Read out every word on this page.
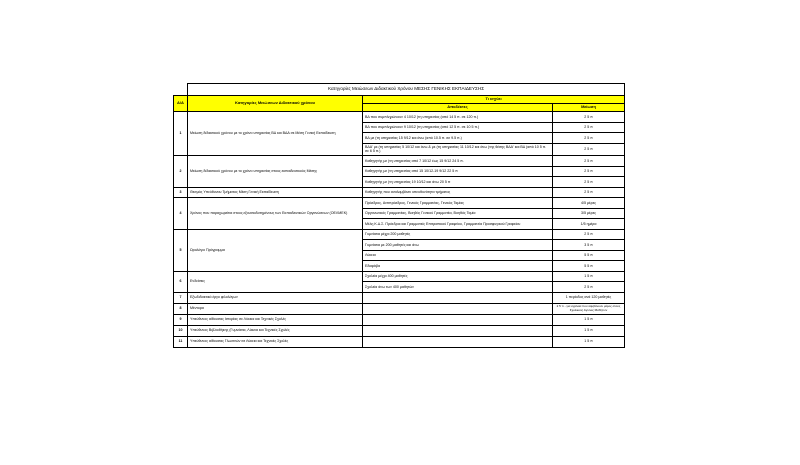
	Κατηγορίες Μειώσεων Διδακτικού Χρόνου ΜΕΣΗΣ ΓΕΝΙΚΗΣ ΕΚΠΑΙΔΕΥΣΗΣ		
Α/Α	Κατηγορίες Μειώσεων Διδακτικού χρόνου	Τι ισχύει	
		Αποδέκτες	Μείωση
1	Μείωση διδακτικού χρόνου με το χρόνο υπηρεσίας ΒΔ και ΒΔΑ σε Μέση Γενική Εκπαίδευση	ΒΔ που συμπληρώνουν 4 10/12 (τη υπηρεσίας (από 14 5 π. σε 120 π.)	2 5 π
		ΒΔ που συμπληρώνουν 9 10/12 (τη υπηρεσίας (από 12 5 π. σε 10 5 π.)	2 5 π
		ΒΔ με (τη υπηρεσίας 15 9/12 και άνω (από 10.5 π. σε 9.5 π.)	2 5 π
		ΒΔΑ' με (τη υπηρεσίας 5 10/12 και άνω & με (τη υπηρεσίας 11 10/12 και άνω (της θέσης ΒΔΑ' και ΒΔ (από 10 5 π. σε 6 5 π.)	2 5 π
2	Μείωση διδακτικού χρόνου με το χρόνο υπηρεσίας στους εκπαιδευτικούς Μέσης	Καθηγητής με (τη υπηρεσίας από 7 10/12 έως 15 9/12 24 5 π.	2 5 π
		Καθηγητής με (τη υπηρεσίας από 15 10/12-19 9/12 22 5 π	2 5 π
		Καθηγητής με (τη υπηρεσίας 19 10/12 και άνω 20 5 π	2 5 π
3	Θεσμός Υπεύθυνου Τμήματος Μέση Γενική Εκπαίδευση	Καθηγητής που αναλαμβάνει υπευθυνότητα τμήματος	2 5 π
4	Χρόνος που παραχωρείται στους εξουσιοδοτημένους των Εκπαιδευτικών Οργανώσεων (ΟΕΛΜΕΚ)	Πρόεδρος, Αντιπρόεδρος, Γενικός Γραμματέας, Γενικός Ταμίας	4/5 μέρες
		Οργανωτικός Γραμματέας, Βοηθός Γενικού Γραμματέα, Βοηθός Ταμία	3/5 μέρες
		Μέλη Κ.Δ.Σ. Πρόεδροι και Γραμματείς Επιτροπικού Γραφείου, Γραμματεία Προσφυγικού Γραφείου	1/5 ημέρα
5	Ωρολόγιο Πρόγραμμα	Γυμνάσια μέχρι 200 μαθητές	2 5 π
		Γυμνάσια με 200 μαθητές και άνω	3 5 π
		Λύκεια	5 5 π
		Εδαφάβα	5 5 π
6	Ενδείσεις	Σχολεία μέχρι 400 μαθητές	1 5 π
		Σχολεία άνω των 400 μαθητών	2 5 π
7	Εξωδιδακτικό έργο φιλολόγων		1 περίοδος ανά 120 μαθητές
8	Μέντορα		2 5 π - για σχολεία που λαμβάνουν μέρος στους Σχολικούς Αγώνες Μαθητών
9	Υπεύθυνος αίθουσας Ιστορίας σε Λύκεια και Τεχνικές Σχολές		1 5 π
10	Υπεύθυνος Βιβλιοθήκης (Γυμνάσια, Λύκεια και Τεχνικές Σχολές		1 5 π
11	Υπεύθυνος αίθουσας Γλωσσών σε Λύκεια και Τεχνικές Σχολές		1 5 π
